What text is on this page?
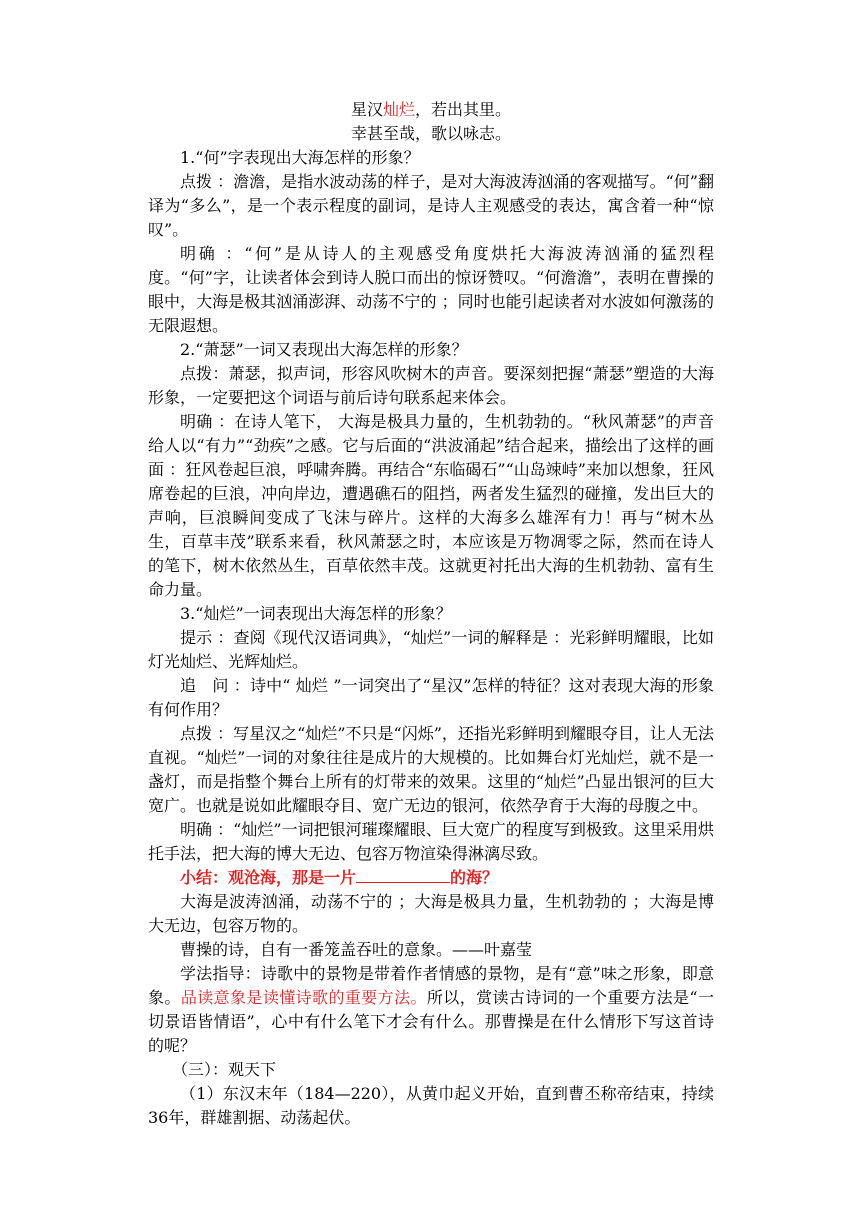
星汉灿烂，若出其里。

幸甚至哉，歌以咏志。

1.“何”字表现出大海怎样的形象？

点拨 ：澹澹，是指水波动荡的样子，是对大海波涛汹涌的客观描写。“何”翻译为“多么”，是一个表示程度的副词，是诗人主观感受的表达，寓含着一种“惊叹”。

明确 ：“何”是从诗人的主观感受角度烘托大海波涛汹涌的猛烈程度。“何”字，让读者体会到诗人脱口而出的惊讶赞叹。“何澹澹”，表明在曹操的眼中，大海是极其汹涌澎湃、动荡不宁的 ；同时也能引起读者对水波如何激荡的无限遐想。

2.“萧瑟”一词又表现出大海怎样的形象？

点拨：萧瑟，拟声词，形容风吹树木的声音。要深刻把握“萧瑟”塑造的大海形象，一定要把这个词语与前后诗句联系起来体会。

明确 ：在诗人笔下， 大海是极具力量的，生机勃勃的。“秋风萧瑟”的声音给人以“有力”“劲疾”之感。它与后面的“洪波涌起”结合起来，描绘出了这样的画面 ：狂风卷起巨浪，呼啸奔腾。再结合“东临碣石”“山岛竦峙”来加以想象，狂风席卷起的巨浪，冲向岸边，遭遇礁石的阻挡，两者发生猛烈的碰撞，发出巨大的声响，巨浪瞬间变成了飞沫与碎片。这样的大海多么雄浑有力！再与“树木丛生，百草丰茂”联系来看，秋风萧瑟之时，本应该是万物凋零之际，然而在诗人的笔下，树木依然丛生，百草依然丰茂。这就更衬托出大海的生机勃勃、富有生命力量。

3.“灿烂”一词表现出大海怎样的形象？

提示 ：查阅《现代汉语词典》，“灿烂”一词的解释是 ：光彩鲜明耀眼，比如灯光灿烂、光辉灿烂。

追　问 ：诗中“ 灿烂 ”一词突出了“星汉”怎样的特征？这对表现大海的形象有何作用？

点拨 ：写星汉之“灿烂”不只是“闪烁”，还指光彩鲜明到耀眼夺目，让人无法直视。“灿烂”一词的对象往往是成片的大规模的。比如舞台灯光灿烂，就不是一盏灯，而是指整个舞台上所有的灯带来的效果。这里的“灿烂”凸显出银河的巨大宽广。也就是说如此耀眼夺目、宽广无边的银河，依然孕育于大海的母腹之中。

明确 ：“灿烂”一词把银河璀璨耀眼、巨大宽广的程度写到极致。这里采用烘托手法，把大海的博大无边、包容万物渲染得淋漓尽致。

小结：观沧海，那是一片	的海？

大海是波涛汹涌，动荡不宁的 ；大海是极具力量，生机勃勃的 ；大海是博大无边，包容万物的。

曹操的诗，自有一番笼盖吞吐的意象。——叶嘉莹

学法指导：诗歌中的景物是带着作者情感的景物，是有“意”味之形象，即意象。品读意象是读懂诗歌的重要方法。所以，赏读古诗词的一个重要方法是“一切景语皆情语”，心中有什么笔下才会有什么。那曹操是在什么情形下写这首诗的呢？

（三）：观天下

（1）东汉末年（184—220），从黄巾起义开始，直到曹丕称帝结束，持续36年，群雄割据、动荡起伏。
